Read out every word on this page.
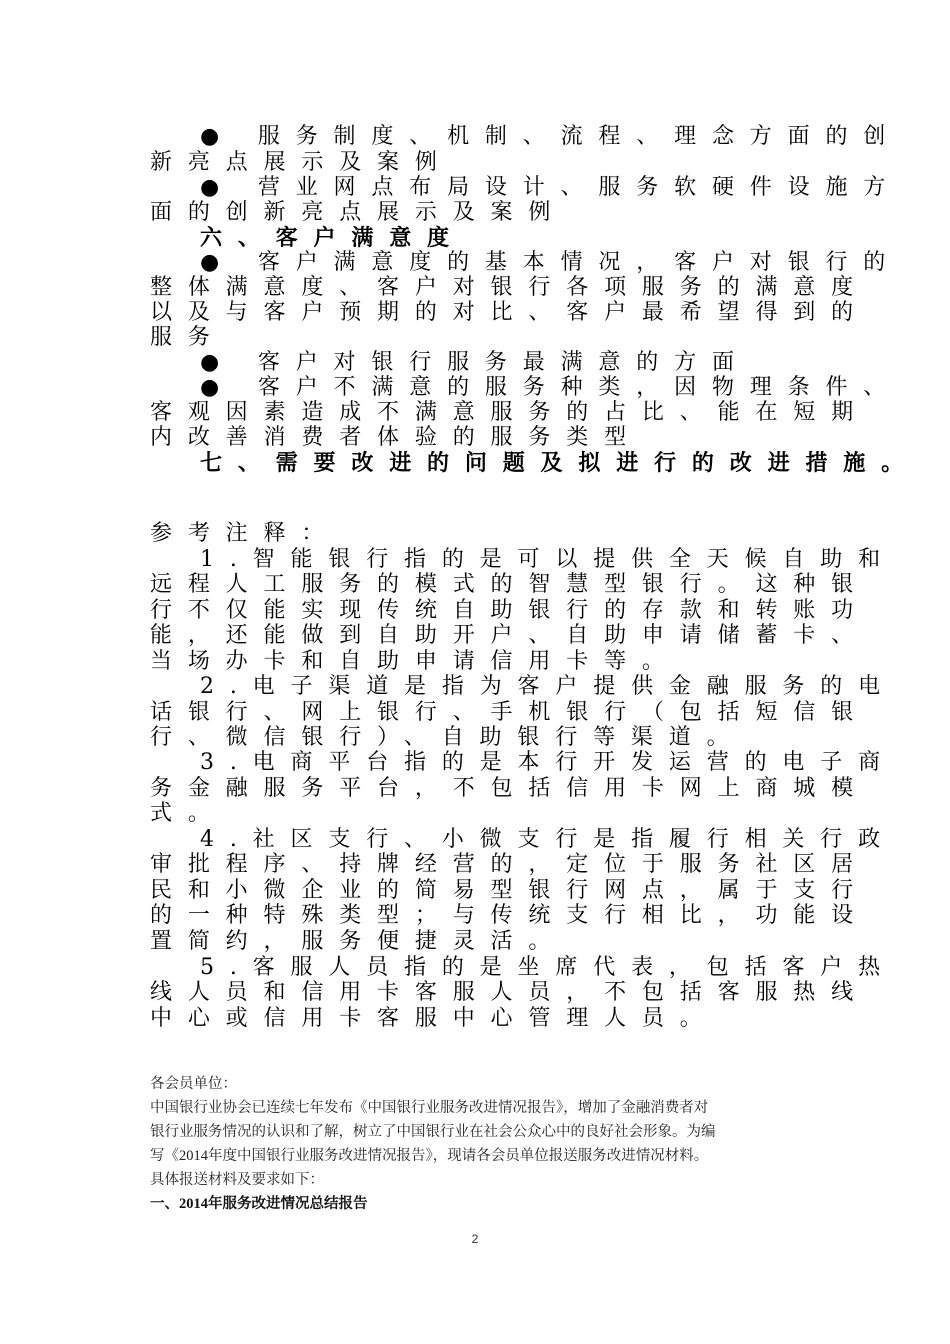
● 服务制度、机制、流程、理念方面的创
新亮点展示及案例
● 营业网点布局设计、服务软硬件设施方
面的创新亮点展示及案例
六、客户满意度
● 客户满意度的基本情况，客户对银行的
整体满意度、客户对银行各项服务的满意度
以及与客户预期的对比、客户最希望得到的
服务
● 客户对银行服务最满意的方面
● 客户不满意的服务种类，因物理条件、
客观因素造成不满意服务的占比、能在短期
内改善消费者体验的服务类型
七、需要改进的问题及拟进行的改进措施。
参考注释：
1.智能银行指的是可以提供全天候自助和
远程人工服务的模式的智慧型银行。这种银
行不仅能实现传统自助银行的存款和转账功
能，还能做到自助开户、自助申请储蓄卡、
当场办卡和自助申请信用卡等。
2.电子渠道是指为客户提供金融服务的电
话银行、网上银行、手机银行（包括短信银
行、微信银行）、自助银行等渠道。
3.电商平台指的是本行开发运营的电子商
务金融服务平台，不包括信用卡网上商城模
式。
4.社区支行、小微支行是指履行相关行政
审批程序、持牌经营的，定位于服务社区居
民和小微企业的简易型银行网点，属于支行
的一种特殊类型；与传统支行相比，功能设
置简约，服务便捷灵活。
5.客服人员指的是坐席代表，包括客户热
线人员和信用卡客服人员，不包括客服热线
中心或信用卡客服中心管理人员。
各会员单位：
中国银行业协会已连续七年发布《中国银行业服务改进情况报告》，增加了金融消费者对
银行业服务情况的认识和了解，树立了中国银行业在社会公众心中的良好社会形象。为编
写《2014年度中国银行业服务改进情况报告》，现请各会员单位报送服务改进情况材料。
具体报送材料及要求如下：
一、2014年服务改进情况总结报告
2
